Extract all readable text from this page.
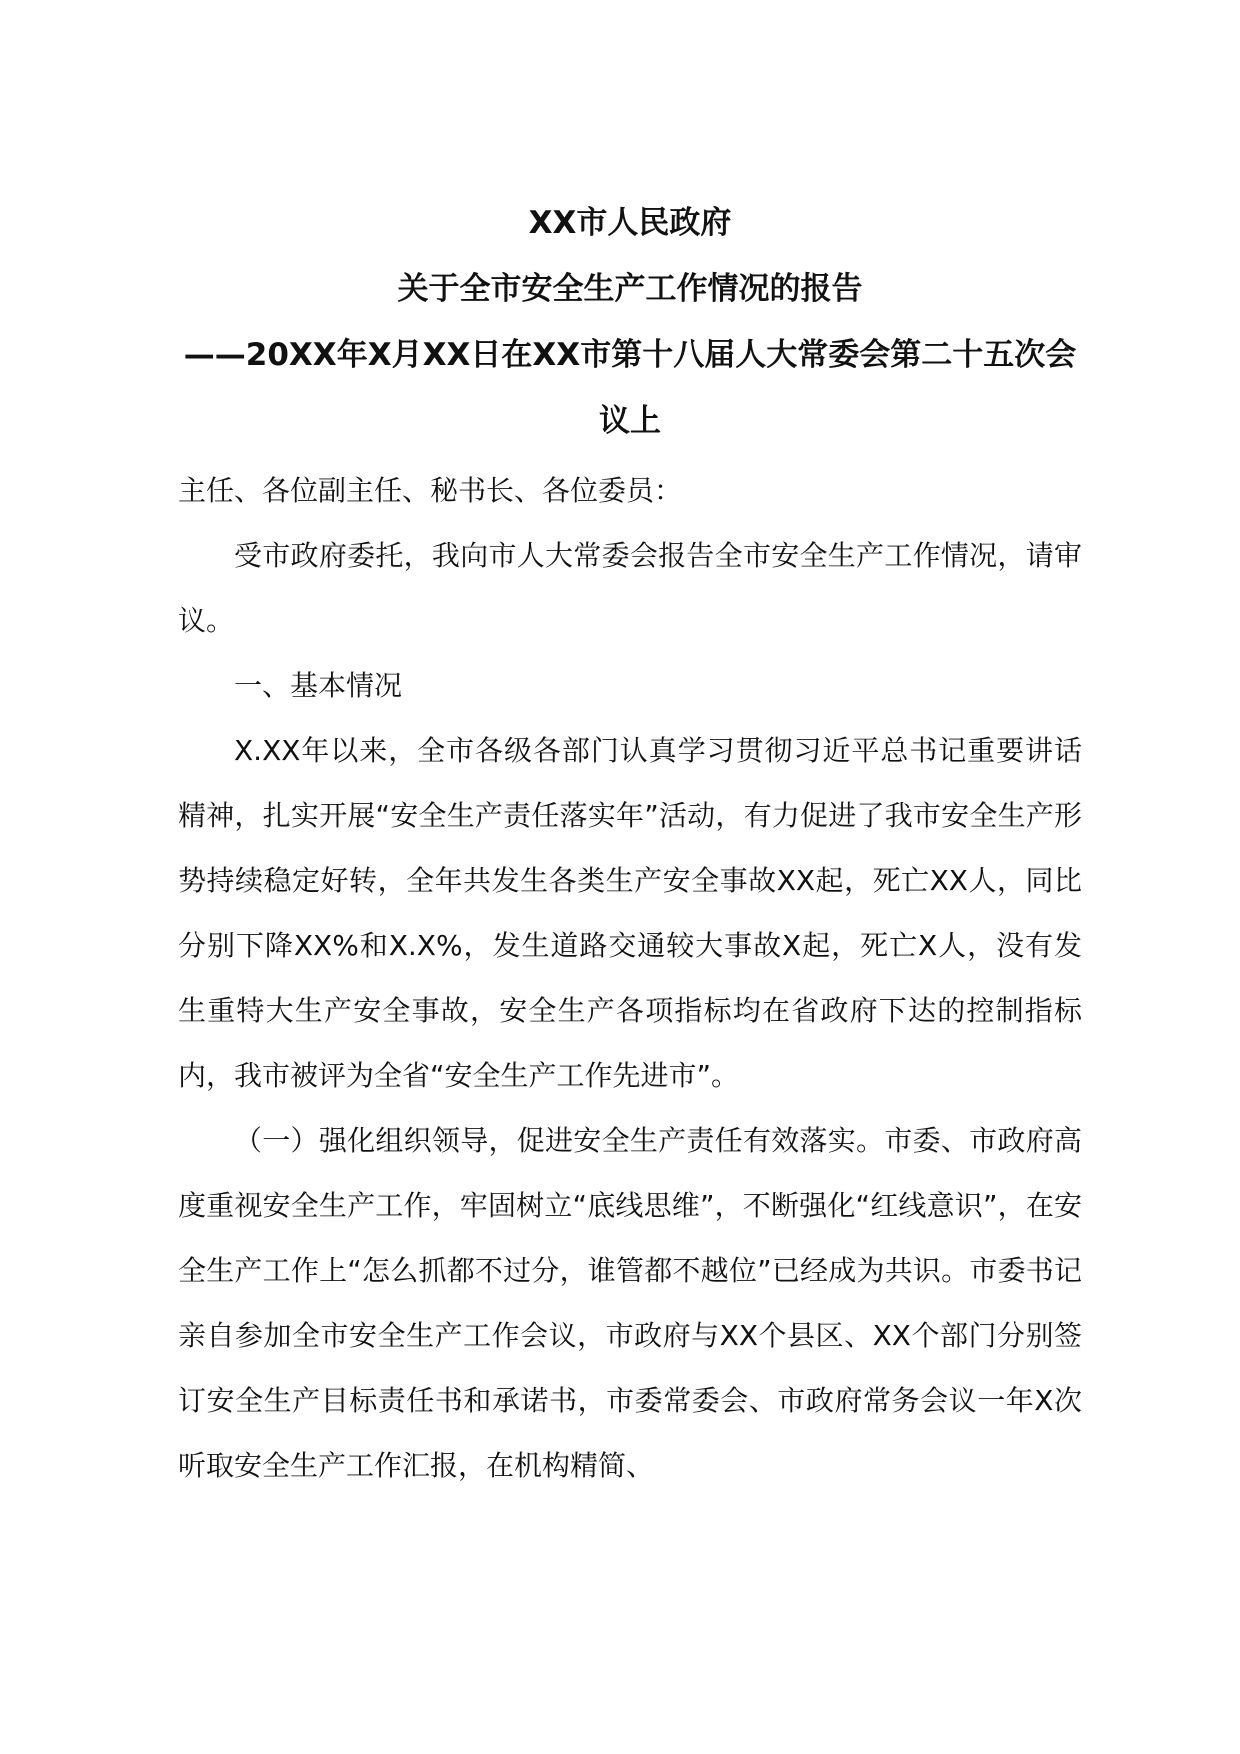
XX市人民政府
关于全市安全生产工作情况的报告
——20XX年X月XX日在XX市第十八届人大常委会第二十五次会议上

主任、各位副主任、秘书长、各位委员：

受市政府委托，我向市人大常委会报告全市安全生产工作情况，请审议。

一、基本情况

X.XX年以来，全市各级各部门认真学习贯彻习近平总书记重要讲话精神，扎实开展“安全生产责任落实年”活动，有力促进了我市安全生产形势持续稳定好转，全年共发生各类生产安全事故XX起，死亡XX人，同比分别下降XX%和X.X%，发生道路交通较大事故X起，死亡X人，没有发生重特大生产安全事故，安全生产各项指标均在省政府下达的控制指标内，我市被评为全省“安全生产工作先进市”。

（一）强化组织领导，促进安全生产责任有效落实。市委、市政府高度重视安全生产工作，牢固树立“底线思维”，不断强化“红线意识”，在安全生产工作上“怎么抓都不过分，谁管都不越位”已经成为共识。市委书记亲自参加全市安全生产工作会议，市政府与XX个县区、XX个部门分别签订安全生产目标责任书和承诺书，市委常委会、市政府常务会议一年X次听取安全生产工作汇报，在机构精简、
